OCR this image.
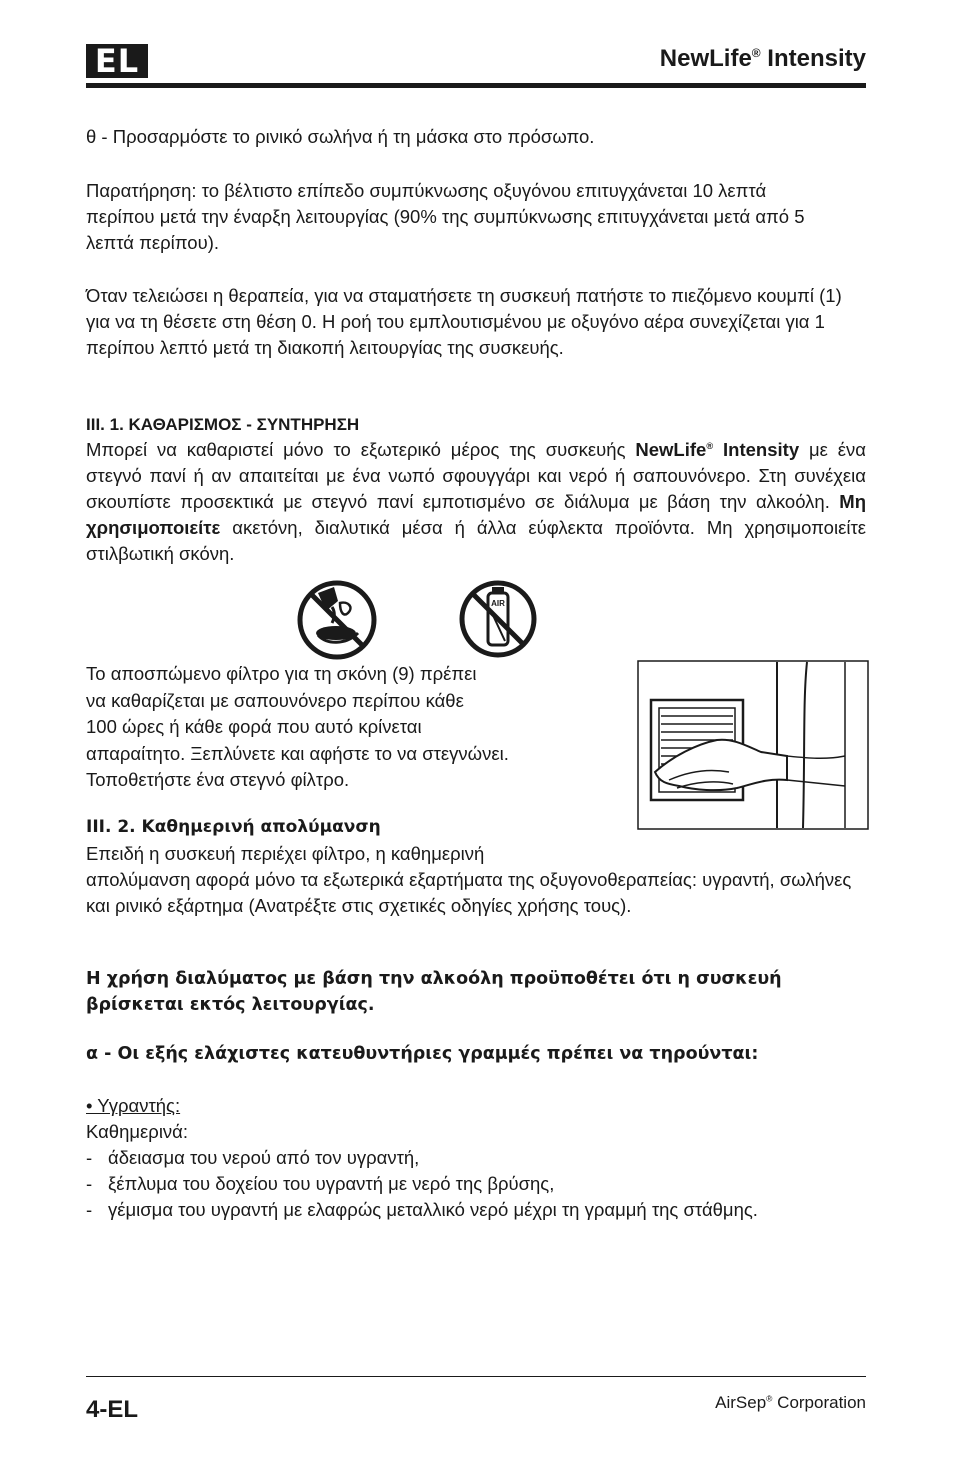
EL	NewLife® Intensity

θ - Προσαρμόστε το ρινικό σωλήνα ή τη μάσκα στο πρόσωπο.

Παρατήρηση: το βέλτιστο επίπεδο συμπύκνωσης οξυγόνου επιτυγχάνεται 10 λεπτά περίπου μετά την έναρξη λειτουργίας (90% της συμπύκνωσης επιτυγχάνεται μετά από 5 λεπτά περίπου).

Όταν τελειώσει η θεραπεία, για να σταματήσετε τη συσκευή πατήστε το πιεζόμενο κουμπί (1) για να τη θέσετε στη θέση 0. Η ροή του εμπλουτισμένου με οξυγόνο αέρα συνεχίζεται για 1 περίπου λεπτό μετά τη διακοπή λειτουργίας της συσκευής.

III. 1. ΚΑΘΑΡΙΣΜΟΣ - ΣΥΝΤΗΡΗΣΗ

Μπορεί να καθαριστεί μόνο το εξωτερικό μέρος της συσκευής NewLife® Intensity με ένα στεγνό πανί ή αν απαιτείται με ένα νωπό σφουγγάρι και νερό ή σαπουνόνερο. Στη συνέχεια σκουπίστε προσεκτικά με στεγνό πανί εμποτισμένο σε διάλυμα με βάση την αλκοόλη. Μη χρησιμοποιείτε ακετόνη, διαλυτικά μέσα ή άλλα εύφλεκτα προϊόντα. Μη χρησιμοποιείτε στιλβωτική σκόνη.

AIR
Το αποσπώμενο φίλτρο για τη σκόνη (9) πρέπει
να καθαρίζεται με σαπουνόνερο περίπου κάθε
100 ώρες ή κάθε φορά που αυτό κρίνεται
απαραίτητο. Ξεπλύνετε και αφήστε το να στεγνώνει.
Τοποθετήστε ένα στεγνό φίλτρο.
III. 2. Καθημερινή απολύμανση
Επειδή η συσκευή περιέχει φίλτρο, η καθημερινή

απολύμανση αφορά μόνο τα εξωτερικά εξαρτήματα της οξυγονοθεραπείας: υγραντή, σωλήνες και ρινικό εξάρτημα (Ανατρέξτε στις σχετικές οδηγίες χρήσης τους).

Η χρήση διαλύματος με βάση την αλκοόλη προϋποθέτει ότι η συσκευή βρίσκεται εκτός λειτουργίας.

α - Οι εξής ελάχιστες κατευθυντήριες γραμμές πρέπει να τηρούνται:

• Υγραντής:
Καθημερινά:
- άδειασμα του νερού από τον υγραντή,
- ξέπλυμα του δοχείου του υγραντή με νερό της βρύσης,
- γέμισμα του υγραντή με ελαφρώς μεταλλικό νερό μέχρι τη γραμμή της στάθμης.
4-EL	AirSep® Corporation
